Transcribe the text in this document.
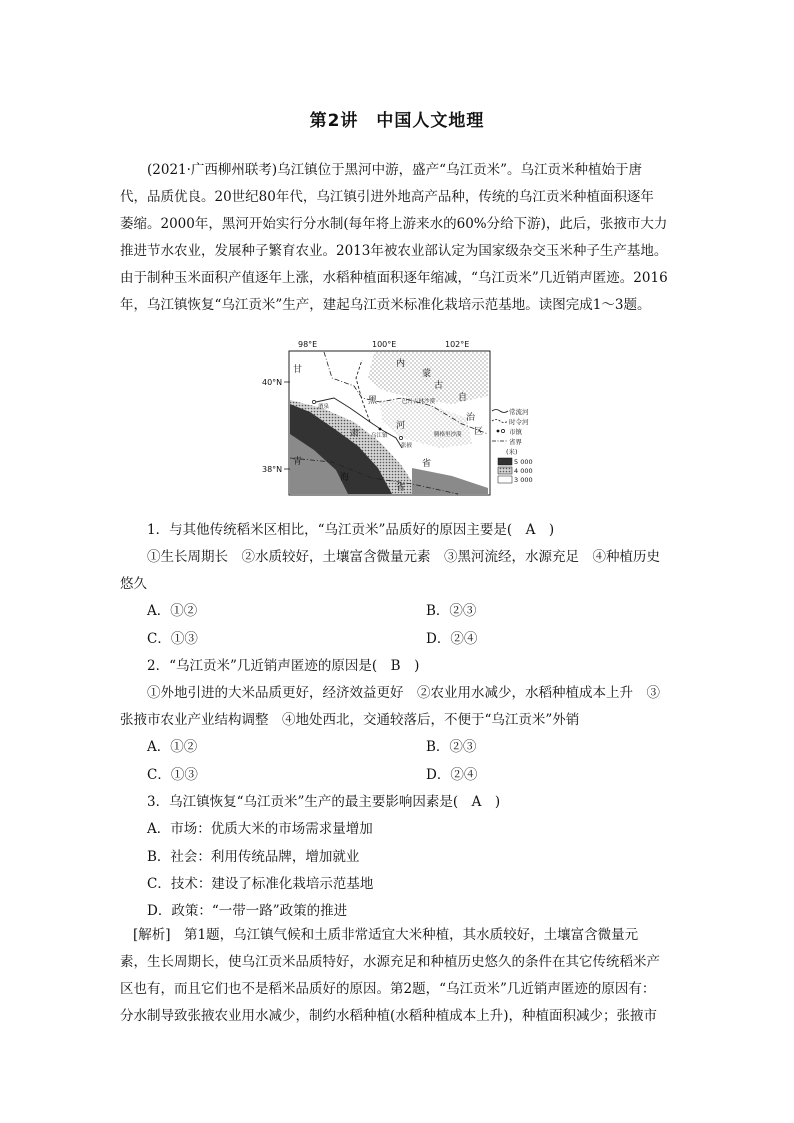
第2讲 中国人文地理
(2021·广西柳州联考)乌江镇位于黑河中游，盛产“乌江贡米”。乌江贡米种植始于唐
代，品质优良。20世纪80年代，乌江镇引进外地高产品种，传统的乌江贡米种植面积逐年
萎缩。2000年，黑河开始实行分水制(每年将上游来水的60%分给下游)，此后，张掖市大力
推进节水农业，发展种子繁育农业。2013年被农业部认定为国家级杂交玉米种子生产基地。
由于制种玉米面积产值逐年上涨，水稻种植面积逐年缩减，“乌江贡米”几近销声匿迹。2016
年，乌江镇恢复“乌江贡米”生产，建起乌江贡米标准化栽培示范基地。读图完成1～3题。
98°E	100°E	102°E
40°N
38°N
甘
肃
青
海
内
蒙
古
自
治
区
黑
河
省
省
酒泉
乌江镇
张掖
巴丹吉林沙漠
腾格里沙漠
常流河
时令河
市镇
省界
(米)
5 000
4 000
3 000
1．与其他传统稻米区相比，“乌江贡米”品质好的原因主要是(　A　)
①生长周期长　②水质较好，土壤富含微量元素　③黑河流经，水源充足　④种植历史
悠久
A．①②	B．②③
C．①③	D．②④
2．“乌江贡米”几近销声匿迹的原因是(　B　)
①外地引进的大米品质更好，经济效益更好　②农业用水减少，水稻种植成本上升　③
张掖市农业产业结构调整　④地处西北，交通较落后，不便于“乌江贡米”外销
A．①②	B．②③
C．①③	D．②④
3．乌江镇恢复“乌江贡米”生产的最主要影响因素是(　A　)
A．市场：优质大米的市场需求量增加
B．社会：利用传统品牌，增加就业
C．技术：建设了标准化栽培示范基地
D．政策：“一带一路”政策的推进
[解析]　第1题，乌江镇气候和土质非常适宜大米种植，其水质较好，土壤富含微量元
素，生长周期长，使乌江贡米品质特好，水源充足和种植历史悠久的条件在其它传统稻米产
区也有，而且它们也不是稻米品质好的原因。第2题，“乌江贡米”几近销声匿迹的原因有：
分水制导致张掖农业用水减少，制约水稻种植(水稻种植成本上升)，种植面积减少；张掖市
